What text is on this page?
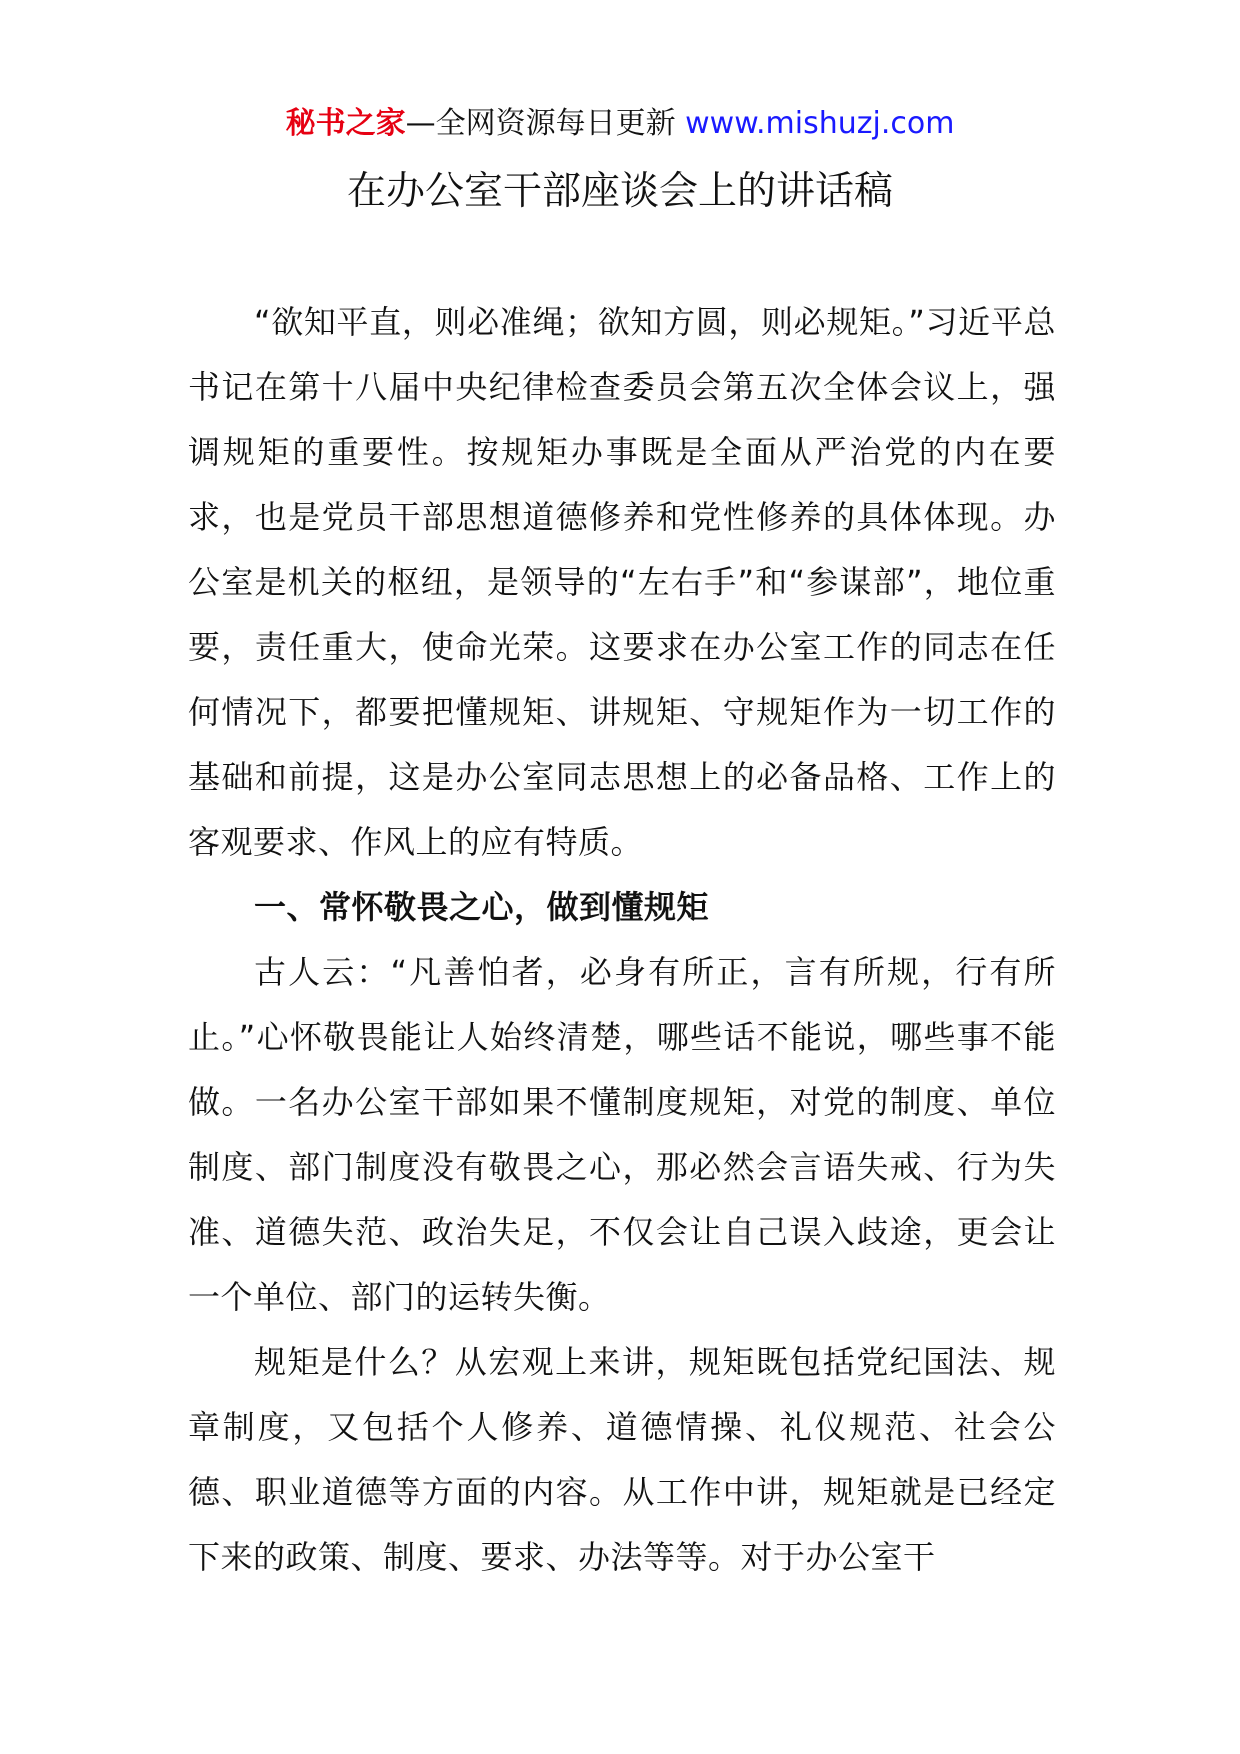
秘书之家—全网资源每日更新 www.mishuzj.com
在办公室干部座谈会上的讲话稿

“欲知平直，则必准绳；欲知方圆，则必规矩。”习近平总书记在第十八届中央纪律检查委员会第五次全体会议上，强调规矩的重要性。按规矩办事既是全面从严治党的内在要求，也是党员干部思想道德修养和党性修养的具体体现。办公室是机关的枢纽，是领导的“左右手”和“参谋部”，地位重要，责任重大，使命光荣。这要求在办公室工作的同志在任何情况下，都要把懂规矩、讲规矩、守规矩作为一切工作的基础和前提，这是办公室同志思想上的必备品格、工作上的客观要求、作风上的应有特质。

一、常怀敬畏之心，做到懂规矩

古人云：“凡善怕者，必身有所正，言有所规，行有所止。”心怀敬畏能让人始终清楚，哪些话不能说，哪些事不能做。一名办公室干部如果不懂制度规矩，对党的制度、单位制度、部门制度没有敬畏之心，那必然会言语失戒、行为失准、道德失范、政治失足，不仅会让自己误入歧途，更会让一个单位、部门的运转失衡。

规矩是什么？从宏观上来讲，规矩既包括党纪国法、规章制度，又包括个人修养、道德情操、礼仪规范、社会公德、职业道德等方面的内容。从工作中讲，规矩就是已经定下来的政策、制度、要求、办法等等。对于办公室干
